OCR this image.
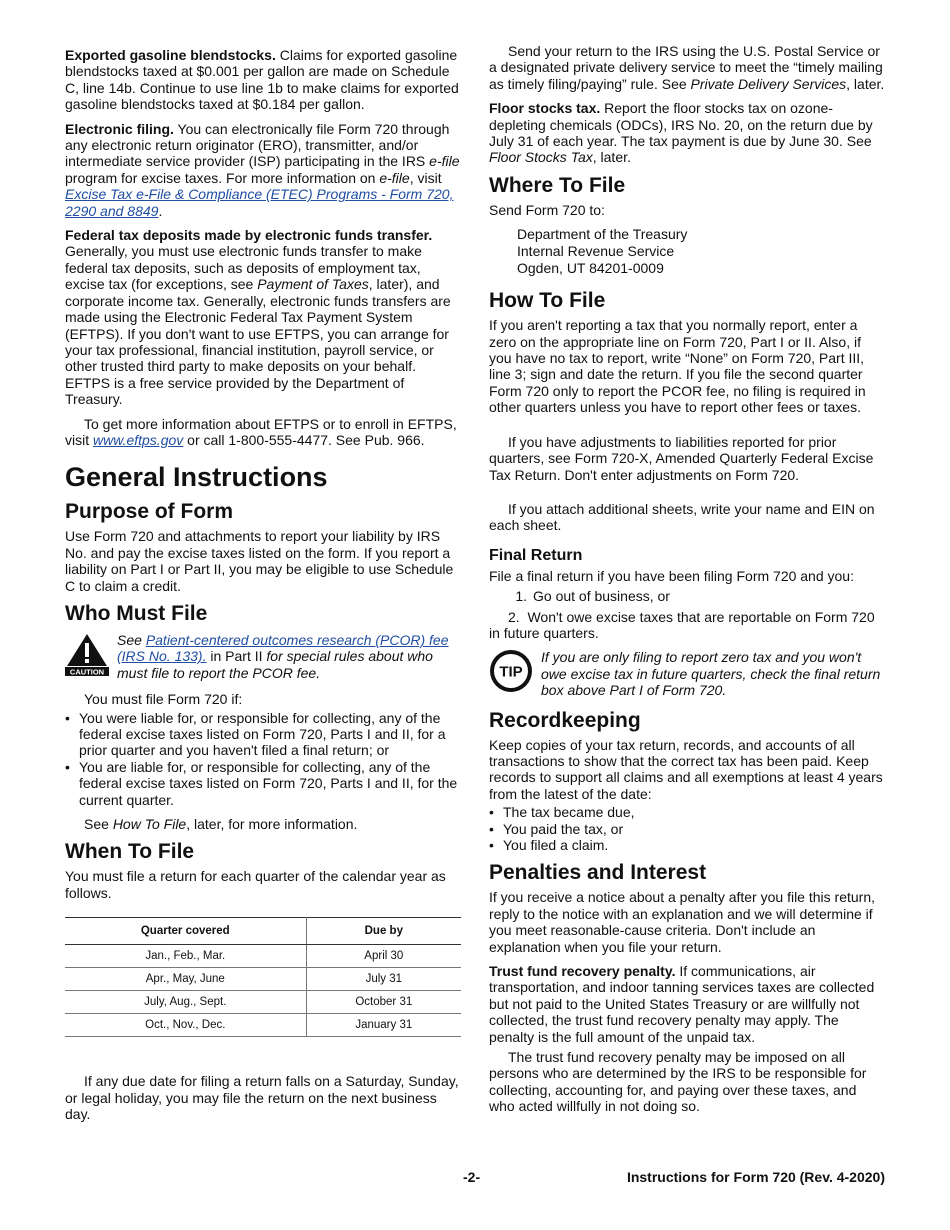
Exported gasoline blendstocks. Claims for exported gasoline blendstocks taxed at $0.001 per gallon are made on Schedule C, line 14b. Continue to use line 1b to make claims for exported gasoline blendstocks taxed at $0.184 per gallon.

Electronic filing. You can electronically file Form 720 through any electronic return originator (ERO), transmitter, and/or intermediate service provider (ISP) participating in the IRS e-file program for excise taxes. For more information on e-file, visit Excise Tax e-File & Compliance (ETEC) Programs - Form 720, 2290 and 8849.

Federal tax deposits made by electronic funds transfer. Generally, you must use electronic funds transfer to make federal tax deposits, such as deposits of employment tax, excise tax (for exceptions, see Payment of Taxes, later), and corporate income tax. Generally, electronic funds transfers are made using the Electronic Federal Tax Payment System (EFTPS). If you don't want to use EFTPS, you can arrange for your tax professional, financial institution, payroll service, or other trusted third party to make deposits on your behalf. EFTPS is a free service provided by the Department of Treasury.

To get more information about EFTPS or to enroll in EFTPS, visit www.eftps.gov or call 1-800-555-4477. See Pub. 966.

General Instructions
Purpose of Form

Use Form 720 and attachments to report your liability by IRS No. and pay the excise taxes listed on the form. If you report a liability on Part I or Part II, you may be eligible to use Schedule C to claim a credit.

Who Must File
CAUTION

See Patient-centered outcomes research (PCOR) fee (IRS No. 133). in Part II for special rules about who must file to report the PCOR fee.

You must file Form 720 if:

• You were liable for, or responsible for collecting, any of the federal excise taxes listed on Form 720, Parts I and II, for a prior quarter and you haven't filed a final return; or
• You are liable for, or responsible for collecting, any of the federal excise taxes listed on Form 720, Parts I and II, for the current quarter.

See How To File, later, for more information.

When To File

You must file a return for each quarter of the calendar year as follows.

Quarter covered	Due by
Jan., Feb., Mar.	April 30
Apr., May, June	July 31
July, Aug., Sept.	October 31
Oct., Nov., Dec.	January 31

If any due date for filing a return falls on a Saturday, Sunday, or legal holiday, you may file the return on the next business day.

Send your return to the IRS using the U.S. Postal Service or a designated private delivery service to meet the “timely mailing as timely filing/paying” rule. See Private Delivery Services, later.

Floor stocks tax. Report the floor stocks tax on ozone-depleting chemicals (ODCs), IRS No. 20, on the return due by July 31 of each year. The tax payment is due by June 30. See Floor Stocks Tax, later.

Where To File

Send Form 720 to:

Department of the Treasury
Internal Revenue Service
Ogden, UT 84201-0009
How To File

If you aren't reporting a tax that you normally report, enter a zero on the appropriate line on Form 720, Part I or II. Also, if you have no tax to report, write “None” on Form 720, Part III, line 3; sign and date the return. If you file the second quarter Form 720 only to report the PCOR fee, no filing is required in other quarters unless you have to report other fees or taxes.

If you have adjustments to liabilities reported for prior quarters, see Form 720-X, Amended Quarterly Federal Excise Tax Return. Don't enter adjustments on Form 720.

If you attach additional sheets, write your name and EIN on each sheet.

Final Return

File a final return if you have been filing Form 720 and you:

1. Go out of business, or

2. Won't owe excise taxes that are reportable on Form 720 in future quarters.

TIP

If you are only filing to report zero tax and you won't owe excise tax in future quarters, check the final return box above Part I of Form 720.

Recordkeeping

Keep copies of your tax return, records, and accounts of all transactions to show that the correct tax has been paid. Keep records to support all claims and all exemptions at least 4 years from the latest of the date:

• The tax became due,
• You paid the tax, or
• You filed a claim.
Penalties and Interest

If you receive a notice about a penalty after you file this return, reply to the notice with an explanation and we will determine if you meet reasonable-cause criteria. Don't include an explanation when you file your return.

Trust fund recovery penalty. If communications, air transportation, and indoor tanning services taxes are collected but not paid to the United States Treasury or are willfully not collected, the trust fund recovery penalty may apply. The penalty is the full amount of the unpaid tax.

The trust fund recovery penalty may be imposed on all persons who are determined by the IRS to be responsible for collecting, accounting for, and paying over these taxes, and who acted willfully in not doing so.

-2-	Instructions for Form 720 (Rev. 4-2020)
